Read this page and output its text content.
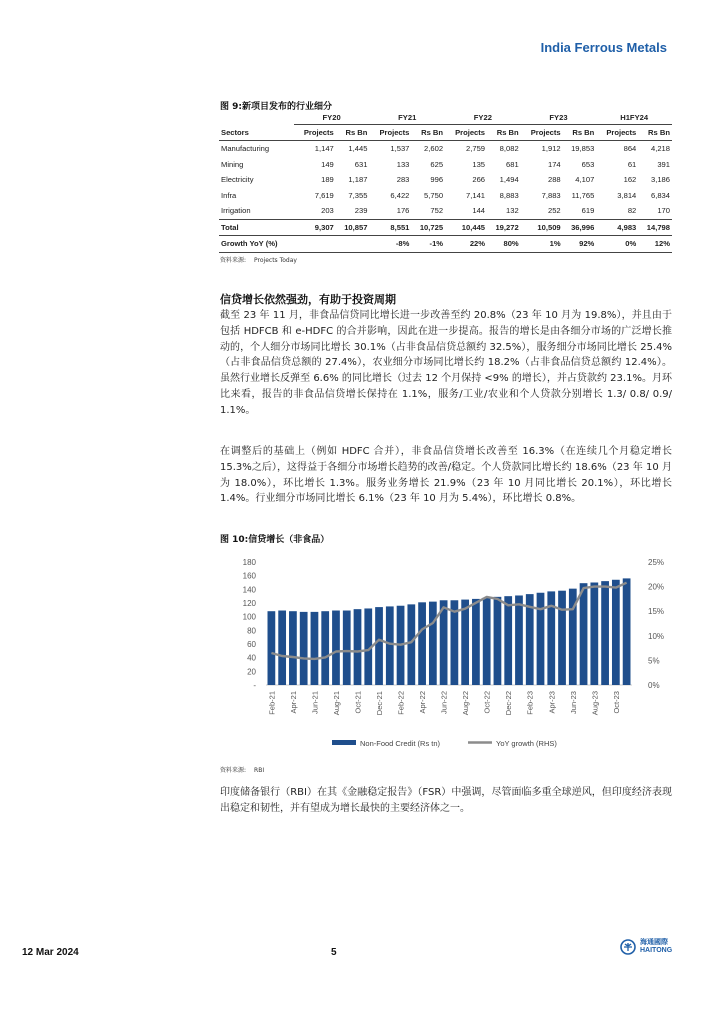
India Ferrous Metals
图 9:新项目发布的行业细分
	FY20		FY21		FY22		FY23		H1FY24	
Sectors	Projects	Rs Bn	Projects	Rs Bn	Projects	Rs Bn	Projects	Rs Bn	Projects	Rs Bn
Manufacturing	1,147	1,445	1,537	2,602	2,759	8,082	1,912	19,853	864	4,218
Mining	149	631	133	625	135	681	174	653	61	391
Electricity	189	1,187	283	996	266	1,494	288	4,107	162	3,186
Infra	7,619	7,355	6,422	5,750	7,141	8,883	7,883	11,765	3,814	6,834
Irrigation	203	239	176	752	144	132	252	619	82	170
Total	9,307	10,857	8,551	10,725	10,445	19,272	10,509	36,996	4,983	14,798
Growth YoY (%)			-8%	-1%	22%	80%	1%	92%	0%	12%
资料来源: Projects Today
信贷增长依然强劲，有助于投资周期
截至 23 年 11 月，非食品信贷同比增长进一步改善至约 20.8%（23 年 10 月为 19.8%），并且由于包括 HDFCB 和 e-HDFC 的合并影响，因此在进一步提高。报告的增长是由各细分市场的广泛增长推动的，个人细分市场同比增长 30.1%（占非食品信贷总额约 32.5%），服务细分市场同比增长 25.4%（占非食品信贷总额的 27.4%），农业细分市场同比增长约 18.2%（占非食品信贷总额约 12.4%）。虽然行业增长反弹至 6.6% 的同比增长（过去 12 个月保持 <9% 的增长），并占贷款约 23.1%。月环比来看，报告的非食品信贷增长保持在 1.1%，服务/工业/农业和个人贷款分别增长 1.3/ 0.8/ 0.9/ 1.1%。
在调整后的基础上（例如 HDFC 合并），非食品信贷增长改善至 16.3%（在连续几个月稳定增长 15.3%之后），这得益于各细分市场增长趋势的改善/稳定。个人贷款同比增长约 18.6%（23 年 10 月为 18.0%），环比增长 1.3%。服务业务增长 21.9%（23 年 10 月同比增长 20.1%），环比增长 1.4%。行业细分市场同比增长 6.1%（23 年 10 月为 5.4%），环比增长 0.8%。
图 10:信贷增长（非食品）
-
20
40
60
80
100
120
140
160
180
0%
5%
10%
15%
20%
25%
Feb-21 Apr-21 Jun-21 Aug-21 Oct-21 Dec-21 Feb-22 Apr-22 Jun-22 Aug-22 Oct-22 Dec-22 Feb-23 Apr-23 Jun-23 Aug-23 Oct-23
Non-Food Credit (Rs tn)	YoY growth (RHS)
资料来源: RBI
印度储备银行（RBI）在其《金融稳定报告》（FSR）中强调，尽管面临多重全球逆风，但印度经济表现出稳定和韧性，并有望成为增长最快的主要经济体之一。
12 Mar 2024	5
海通國際
HAITONG
